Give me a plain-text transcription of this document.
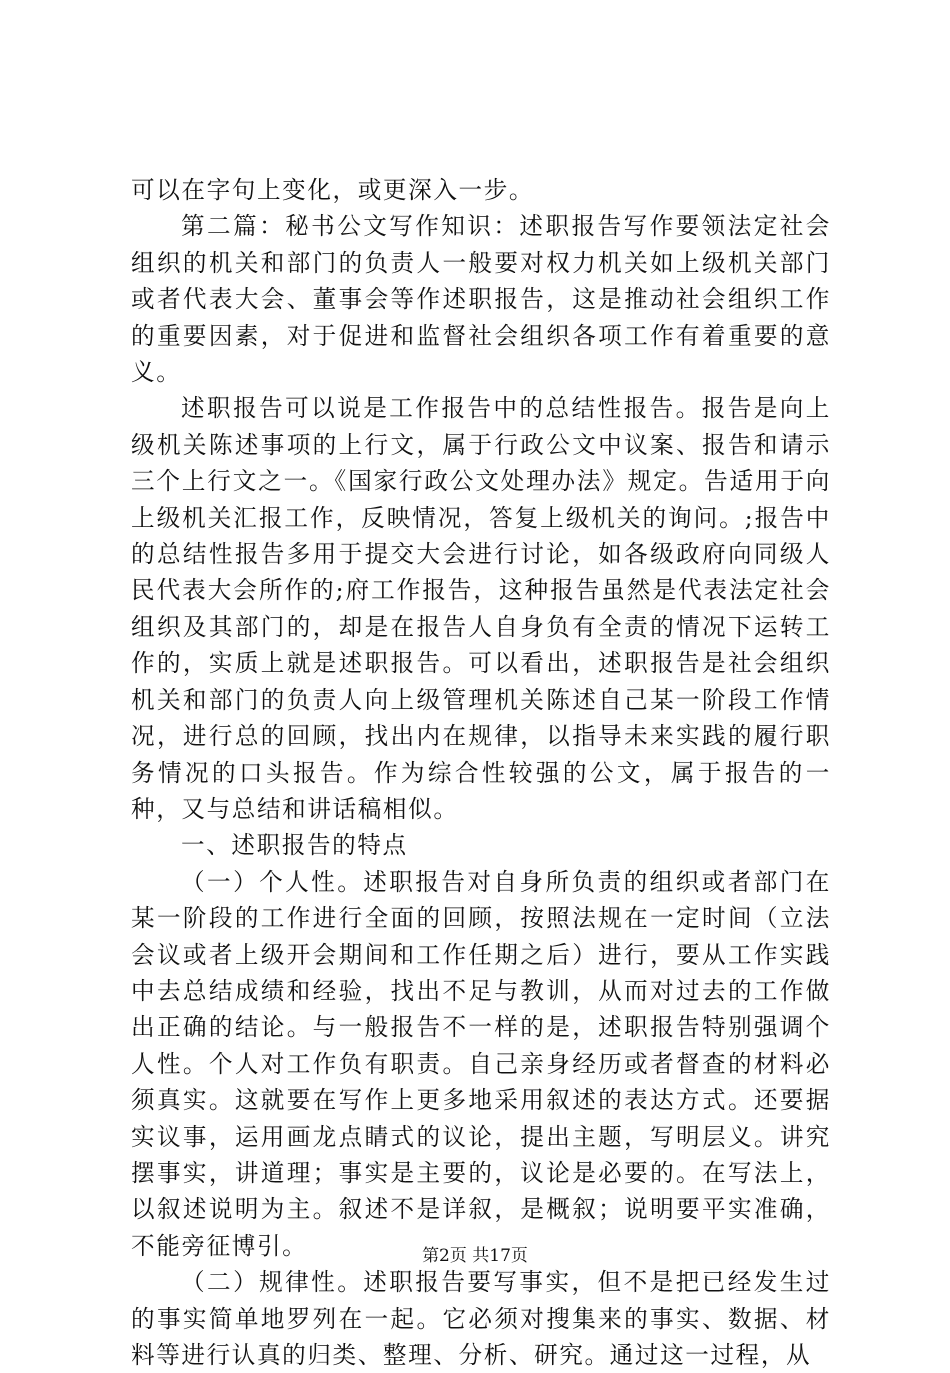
可以在字句上变化，或更深入一步。

第二篇：秘书公文写作知识：述职报告写作要领法定社会组织的机关和部门的负责人一般要对权力机关如上级机关部门或者代表大会、董事会等作述职报告，这是推动社会组织工作的重要因素，对于促进和监督社会组织各项工作有着重要的意义。

述职报告可以说是工作报告中的总结性报告。报告是向上级机关陈述事项的上行文，属于行政公文中议案、报告和请示三个上行文之一。《国家行政公文处理办法》规定。告适用于向上级机关汇报工作，反映情况，答复上级机关的询问。;报告中的总结性报告多用于提交大会进行讨论，如各级政府向同级人民代表大会所作的;府工作报告，这种报告虽然是代表法定社会组织及其部门的，却是在报告人自身负有全责的情况下运转工作的，实质上就是述职报告。可以看出，述职报告是社会组织机关和部门的负责人向上级管理机关陈述自己某一阶段工作情况，进行总的回顾，找出内在规律，以指导未来实践的履行职务情况的口头报告。作为综合性较强的公文，属于报告的一种，又与总结和讲话稿相似。

一、述职报告的特点

（一）个人性。述职报告对自身所负责的组织或者部门在某一阶段的工作进行全面的回顾，按照法规在一定时间（立法会议或者上级开会期间和工作任期之后）进行，要从工作实践中去总结成绩和经验，找出不足与教训，从而对过去的工作做出正确的结论。与一般报告不一样的是，述职报告特别强调个人性。个人对工作负有职责。自己亲身经历或者督查的材料必须真实。这就要在写作上更多地采用叙述的表达方式。还要据实议事，运用画龙点睛式的议论，提出主题，写明层义。讲究摆事实，讲道理；事实是主要的，议论是必要的。在写法上，以叙述说明为主。叙述不是详叙，是概叙；说明要平实准确，不能旁征博引。

（二）规律性。述职报告要写事实，但不是把已经发生过的事实简单地罗列在一起。它必须对搜集来的事实、数据、材料等进行认真的归类、整理、分析、研究。通过这一过程，从

第2页 共17页
